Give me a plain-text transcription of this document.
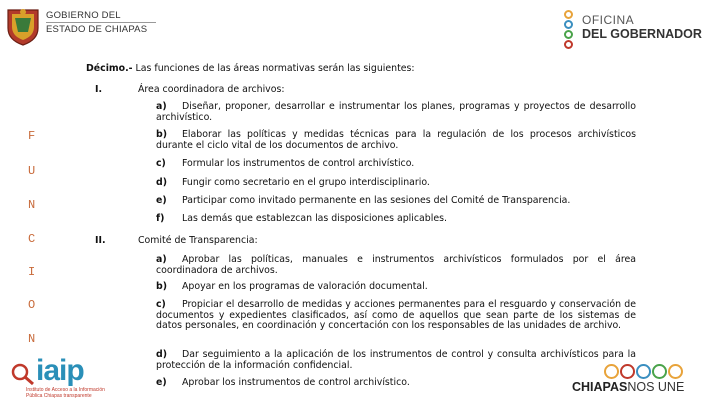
GOBIERNO DEL
ESTADO DE CHIAPAS
OFICINA
DEL GOBERNADOR
F
U
N
C
I
O
N
Décimo.- Las funciones de las áreas normativas serán las siguientes:
I.	Área coordinadora de archivos:
a) Diseñar, proponer, desarrollar e instrumentar los planes, programas y proyectos de desarrollo archivístico.
b) Elaborar las políticas y medidas técnicas para la regulación de los procesos archivísticos durante el ciclo vital de los documentos de archivo.
c) Formular los instrumentos de control archivístico.
d) Fungir como secretario en el grupo interdisciplinario.
e) Participar como invitado permanente en las sesiones del Comité de Transparencia.
f) Las demás que establezcan las disposiciones aplicables.
II.	Comité de Transparencia:
a) Aprobar las políticas, manuales e instrumentos archivísticos formulados por el área coordinadora de archivos.
b) Apoyar en los programas de valoración documental.
c) Propiciar el desarrollo de medidas y acciones permanentes para el resguardo y conservación de documentos y expedientes clasificados, así como de aquellos que sean parte de los sistemas de datos personales, en coordinación y concertación con los responsables de las unidades de archivo.
d) Dar seguimiento a la aplicación de los instrumentos de control y consulta archivísticos para la protección de la información confidencial.
e) Aprobar los instrumentos de control archivístico.
iaip
Instituto de Acceso a la Información Pública Chiapas transparente
CHIAPASNOS UNE
